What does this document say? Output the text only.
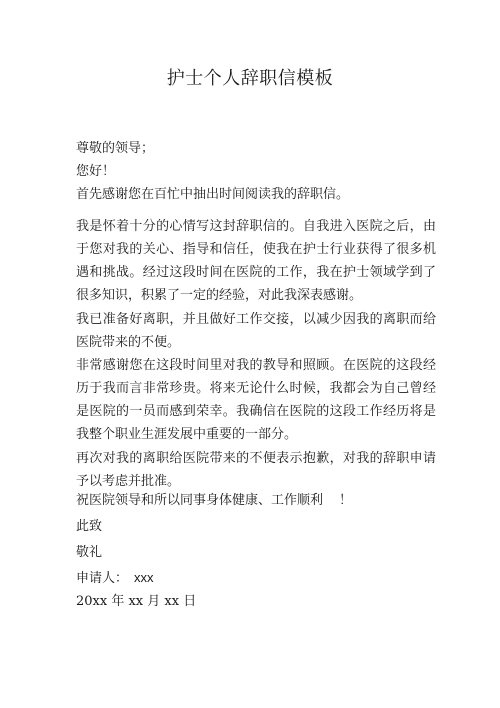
护士个人辞职信模板
尊敬的领导；
您好！
首先感谢您在百忙中抽出时间阅读我的辞职信。
我是怀着十分的心情写这封辞职信的。自我进入医院之后，由于您对我的关心、指导和信任，使我在护士行业获得了很多机遇和挑战。经过这段时间在医院的工作，我在护士领域学到了很多知识，积累了一定的经验，对此我深表感谢。
我已准备好离职，并且做好工作交接，以减少因我的离职而给医院带来的不便。
非常感谢您在这段时间里对我的教导和照顾。在医院的这段经历于我而言非常珍贵。将来无论什么时候，我都会为自己曾经是医院的一员而感到荣幸。我确信在医院的这段工作经历将是我整个职业生涯发展中重要的一部分。
再次对我的离职给医院带来的不便表示抱歉，对我的辞职申请予以考虑并批准。
祝医院领导和所以同事身体健康、工作顺利 ！
此致
敬礼
申请人： xxx
20xx 年 xx 月 xx 日
